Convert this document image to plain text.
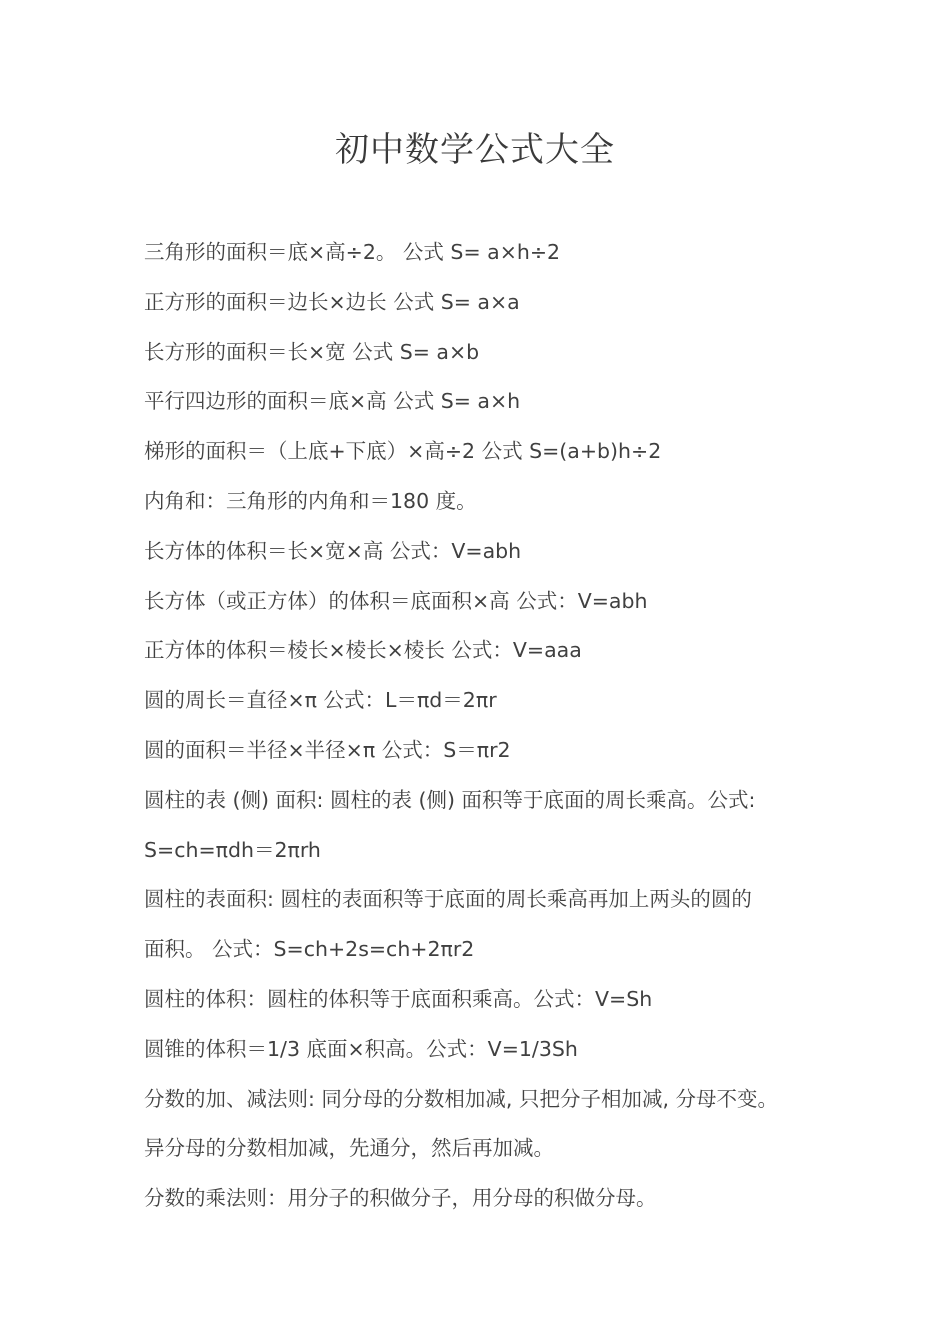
初中数学公式大全
三角形的面积＝底×高÷2。 公式 S= a×h÷2
正方形的面积＝边长×边长 公式 S= a×a
长方形的面积＝长×宽 公式 S= a×b
平行四边形的面积＝底×高 公式 S= a×h
梯形的面积＝（上底+下底）×高÷2 公式 S=(a+b)h÷2
内角和：三角形的内角和＝180 度。
长方体的体积＝长×宽×高 公式：V=abh
长方体（或正方体）的体积＝底面积×高 公式：V=abh
正方体的体积＝棱长×棱长×棱长 公式：V=aaa
圆的周长＝直径×π 公式：L＝πd＝2πr
圆的面积＝半径×半径×π 公式：S＝πr2
圆柱的表 (侧) 面积: 圆柱的表 (侧) 面积等于底面的周长乘高。公式:
S=ch=πdh＝2πrh
圆柱的表面积: 圆柱的表面积等于底面的周长乘高再加上两头的圆的
面积。 公式：S=ch+2s=ch+2πr2
圆柱的体积：圆柱的体积等于底面积乘高。公式：V=Sh
圆锥的体积＝1/3 底面×积高。公式：V=1/3Sh
分数的加、减法则: 同分母的分数相加减, 只把分子相加减, 分母不变。
异分母的分数相加减，先通分，然后再加减。
分数的乘法则：用分子的积做分子，用分母的积做分母。
